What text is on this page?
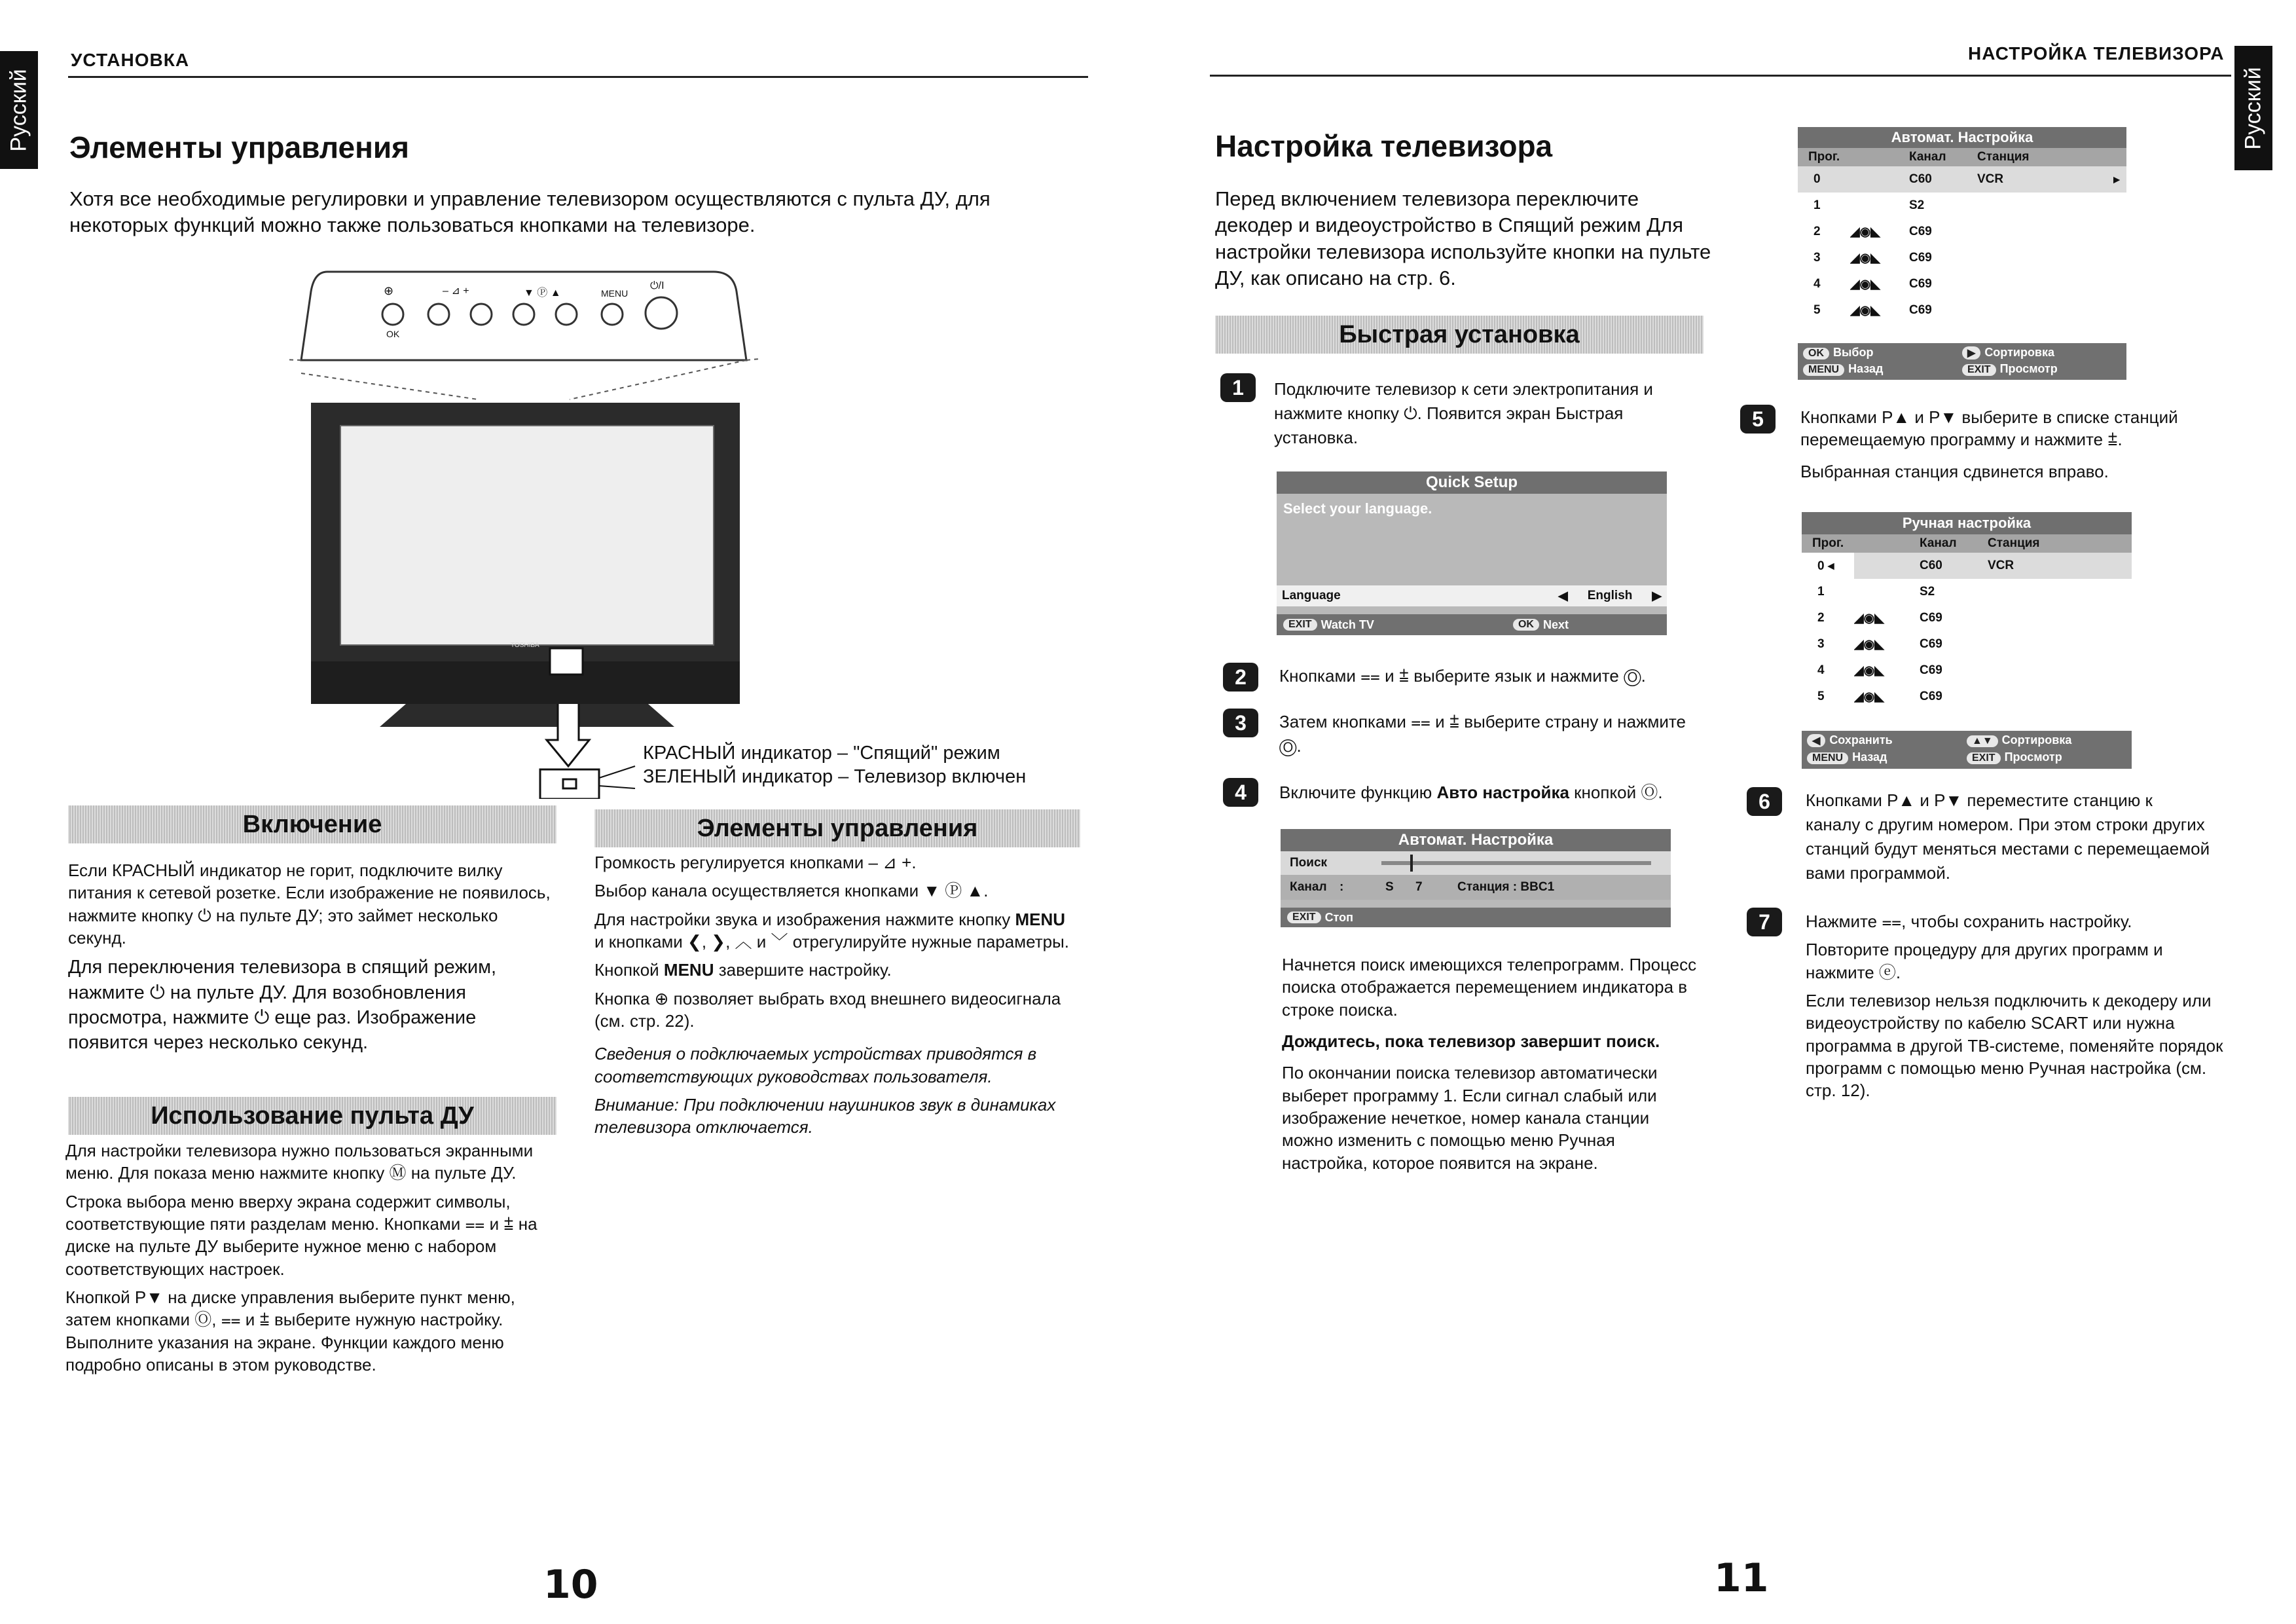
Русский
УСТАНОВКА
Элементы управления
Хотя все необходимые регулировки и управление телевизором осуществляются с пульта ДУ, для некоторых функций можно также пользоваться кнопками на телевизоре.
⊕	– ⊿ +	▼ Ⓟ ▲	MENU
⏻/I
OK
TOSHIBA
КРАСНЫЙ индикатор – "Спящий" режим
ЗЕЛЕНЫЙ индикатор – Телевизор включен
Включение

Если КРАСНЫЙ индикатор не горит, подключите вилку питания к сетевой розетке. Если изображение не появилось, нажмите кнопку ⏻ на пульте ДУ; это займет несколько секунд.

Для переключения телевизора в спящий режим, нажмите ⏻ на пульте ДУ. Для возобновления просмотра, нажмите ⏻ еще раз. Изображение появится через несколько секунд.

Использование пульта ДУ

Для настройки телевизора нужно пользоваться экранными меню. Для показа меню нажмите кнопку Ⓜ на пульте ДУ.

Строка выбора меню вверху экрана содержит символы, соответствующие пяти разделам меню. Кнопками ⩵ и ⩲ на диске на пульте ДУ выберите нужное меню с набором соответствующих настроек.

Кнопкой P▼ на диске управления выберите пункт меню, затем кнопками Ⓞ, ⩵ и ⩲ выберите нужную настройку. Выполните указания на экране. Функции каждого меню подробно описаны в этом руководстве.

Элементы управления

Громкость регулируется кнопками – ⊿ +.

Выбор канала осуществляется кнопками ▼ Ⓟ ▲.

Для настройки звука и изображения нажмите кнопку MENU и кнопками ❮, ❯, ︿ и ﹀ отрегулируйте нужные параметры.

Кнопкой MENU завершите настройку.

Кнопка ⊕ позволяет выбрать вход внешнего видеосигнала (см. стр. 22).

Сведения о подключаемых устройствах приводятся в соответствующих руководствах пользователя.

Внимание: При подключении наушников звук в динамиках телевизора отключается.

10
Русский
НАСТРОЙКА ТЕЛЕВИЗОРА
Настройка телевизора
Перед включением телевизора переключите декодер и видеоустройство в Спящий режим Для настройки телевизора используйте кнопки на пульте ДУ, как описано на стр. 6.
Быстрая установка
1	Подключите телевизор к сети электропитания и нажмите кнопку ⏻. Появится экран Быстрая установка.
Quick Setup
Select your language.
Language	◀ English ▶
EXIT Watch TV	OK Next
2	Кнопками ⩵ и ⩲ выберите язык и нажмите Ⓞ.
3	Затем кнопками ⩵ и ⩲ выберите страну и нажмите Ⓞ.
4	Включите функцию Авто настройка кнопкой Ⓞ.
Автомат. Настройка
Поиск
Канал	:	S	7	Станция : BBC1
EXIT Стоп

Начнется поиск имеющихся телепрограмм. Процесс поиска отображается перемещением индикатора в строке поиска.

Дождитесь, пока телевизор завершит поиск.

По окончании поиска телевизор автоматически выберет программу 1. Если сигнал слабый или изображение нечеткое, номер канала станции можно изменить с помощью меню Ручная настройка, которое появится на экране.

Автомат. Настройка
Прог.	Канал	Станция
0	C60	VCR	▸
1	S2
2	◢◉◣	C69
3	◢◉◣	C69
4	◢◉◣	C69
5	◢◉◣	C69
OK Выбор	▶ Сортировка
MENU Назад	EXIT Просмотр
5	Кнопками P▲ и P▼ выберите в списке станций перемещаемую программу и нажмите ⩲.

Выбранная станция сдвинется вправо.

Ручная настройка
Прог.	Канал	Станция
0 ◂	C60	VCR
1	S2
2	◢◉◣	C69
3	◢◉◣	C69
4	◢◉◣	C69
5	◢◉◣	C69
◀ Сохранить	▲▼ Сортировка
MENU Назад	EXIT Просмотр
6	Кнопками P▲ и P▼ переместите станцию к каналу с другим номером. При этом строки других станций будут меняться местами с перемещаемой вами программой.
7	Нажмите ⩵, чтобы сохранить настройку.

Повторите процедуру для других программ и нажмите ⓔ.

Если телевизор нельзя подключить к декодеру или видеоустройству по кабелю SCART или нужна программа в другой ТВ-системе, поменяйте порядок программ с помощью меню Ручная настройка (см. стр. 12).

11
